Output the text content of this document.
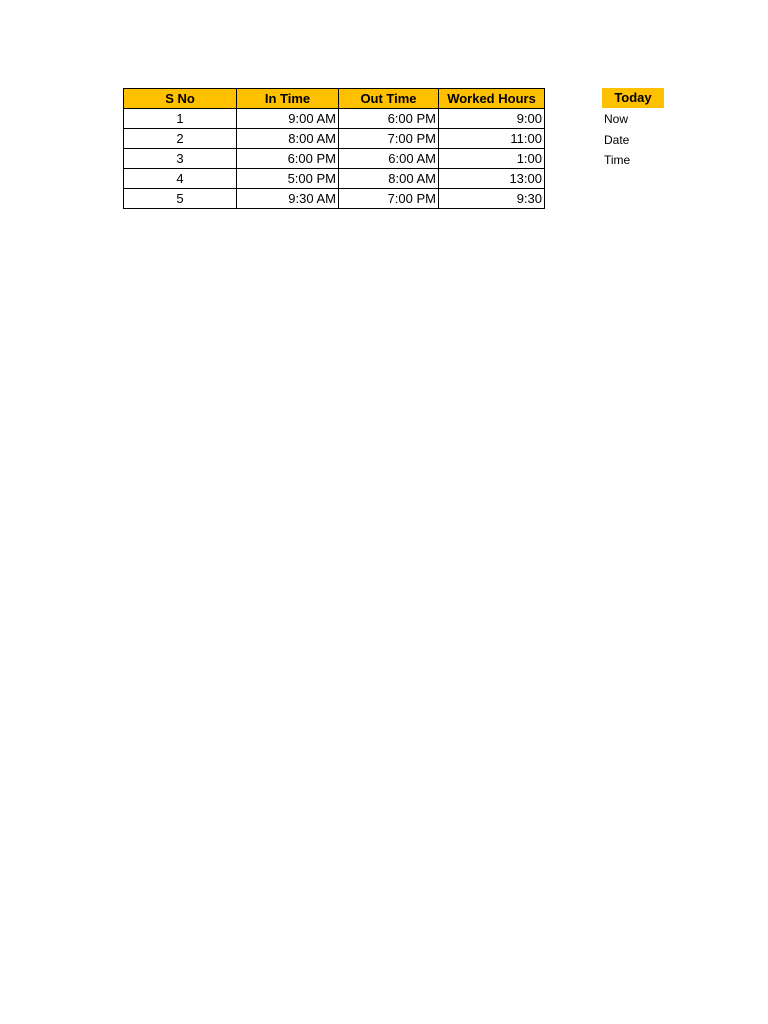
S No	In Time	Out Time	Worked Hours
1	9:00 AM	6:00 PM	9:00
2	8:00 AM	7:00 PM	11:00
3	6:00 PM	6:00 AM	1:00
4	5:00 PM	8:00 AM	13:00
5	9:30 AM	7:00 PM	9:30
Today
Now
Date
Time
